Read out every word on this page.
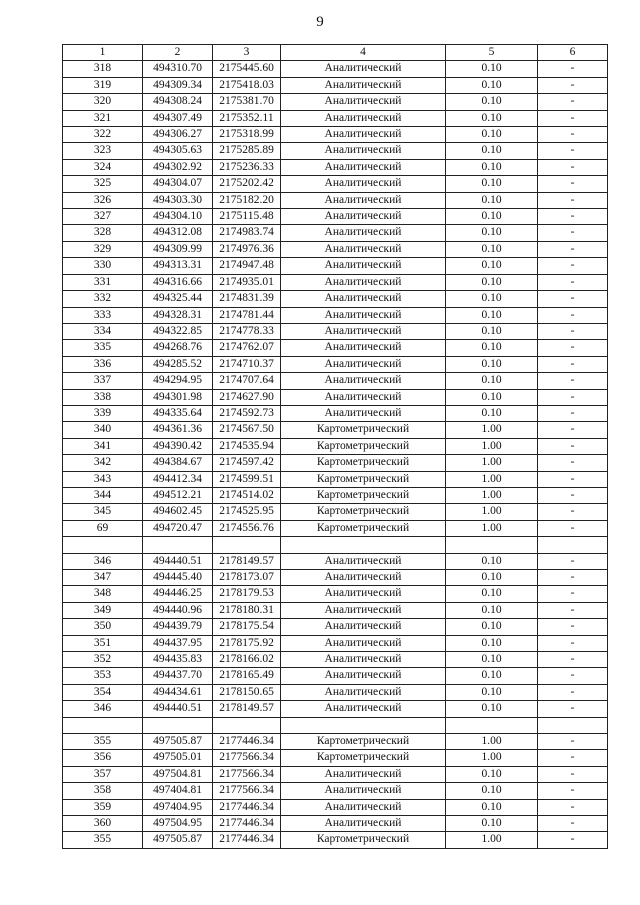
9
1	2	3	4	5	6
318	494310.70	2175445.60	Аналитический	0.10	-
319	494309.34	2175418.03	Аналитический	0.10	-
320	494308.24	2175381.70	Аналитический	0.10	-
321	494307.49	2175352.11	Аналитический	0.10	-
322	494306.27	2175318.99	Аналитический	0.10	-
323	494305.63	2175285.89	Аналитический	0.10	-
324	494302.92	2175236.33	Аналитический	0.10	-
325	494304.07	2175202.42	Аналитический	0.10	-
326	494303.30	2175182.20	Аналитический	0.10	-
327	494304.10	2175115.48	Аналитический	0.10	-
328	494312.08	2174983.74	Аналитический	0.10	-
329	494309.99	2174976.36	Аналитический	0.10	-
330	494313.31	2174947.48	Аналитический	0.10	-
331	494316.66	2174935.01	Аналитический	0.10	-
332	494325.44	2174831.39	Аналитический	0.10	-
333	494328.31	2174781.44	Аналитический	0.10	-
334	494322.85	2174778.33	Аналитический	0.10	-
335	494268.76	2174762.07	Аналитический	0.10	-
336	494285.52	2174710.37	Аналитический	0.10	-
337	494294.95	2174707.64	Аналитический	0.10	-
338	494301.98	2174627.90	Аналитический	0.10	-
339	494335.64	2174592.73	Аналитический	0.10	-
340	494361.36	2174567.50	Картометрический	1.00	-
341	494390.42	2174535.94	Картометрический	1.00	-
342	494384.67	2174597.42	Картометрический	1.00	-
343	494412.34	2174599.51	Картометрический	1.00	-
344	494512.21	2174514.02	Картометрический	1.00	-
345	494602.45	2174525.95	Картометрический	1.00	-
69	494720.47	2174556.76	Картометрический	1.00	-

346	494440.51	2178149.57	Аналитический	0.10	-
347	494445.40	2178173.07	Аналитический	0.10	-
348	494446.25	2178179.53	Аналитический	0.10	-
349	494440.96	2178180.31	Аналитический	0.10	-
350	494439.79	2178175.54	Аналитический	0.10	-
351	494437.95	2178175.92	Аналитический	0.10	-
352	494435.83	2178166.02	Аналитический	0.10	-
353	494437.70	2178165.49	Аналитический	0.10	-
354	494434.61	2178150.65	Аналитический	0.10	-
346	494440.51	2178149.57	Аналитический	0.10	-

355	497505.87	2177446.34	Картометрический	1.00	-
356	497505.01	2177566.34	Картометрический	1.00	-
357	497504.81	2177566.34	Аналитический	0.10	-
358	497404.81	2177566.34	Аналитический	0.10	-
359	497404.95	2177446.34	Аналитический	0.10	-
360	497504.95	2177446.34	Аналитический	0.10	-
355	497505.87	2177446.34	Картометрический	1.00	-
